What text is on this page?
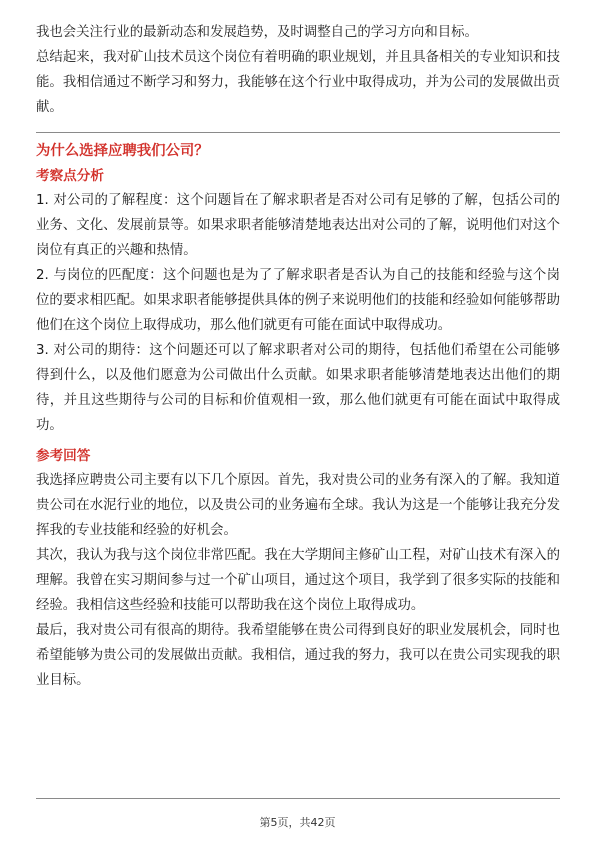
我也会关注行业的最新动态和发展趋势，及时调整自己的学习方向和目标。

总结起来，我对矿山技术员这个岗位有着明确的职业规划，并且具备相关的专业知识和技能。我相信通过不断学习和努力，我能够在这个行业中取得成功，并为公司的发展做出贡献。

为什么选择应聘我们公司？

考察点分析

1. 对公司的了解程度：这个问题旨在了解求职者是否对公司有足够的了解，包括公司的业务、文化、发展前景等。如果求职者能够清楚地表达出对公司的了解，说明他们对这个岗位有真正的兴趣和热情。

2. 与岗位的匹配度：这个问题也是为了了解求职者是否认为自己的技能和经验与这个岗位的要求相匹配。如果求职者能够提供具体的例子来说明他们的技能和经验如何能够帮助他们在这个岗位上取得成功，那么他们就更有可能在面试中取得成功。

3. 对公司的期待：这个问题还可以了解求职者对公司的期待，包括他们希望在公司能够得到什么，以及他们愿意为公司做出什么贡献。如果求职者能够清楚地表达出他们的期待，并且这些期待与公司的目标和价值观相一致，那么他们就更有可能在面试中取得成功。

参考回答

我选择应聘贵公司主要有以下几个原因。首先，我对贵公司的业务有深入的了解。我知道贵公司在水泥行业的地位，以及贵公司的业务遍布全球。我认为这是一个能够让我充分发挥我的专业技能和经验的好机会。

其次，我认为我与这个岗位非常匹配。我在大学期间主修矿山工程，对矿山技术有深入的理解。我曾在实习期间参与过一个矿山项目，通过这个项目，我学到了很多实际的技能和经验。我相信这些经验和技能可以帮助我在这个岗位上取得成功。

最后，我对贵公司有很高的期待。我希望能够在贵公司得到良好的职业发展机会，同时也希望能够为贵公司的发展做出贡献。我相信，通过我的努力，我可以在贵公司实现我的职业目标。

第5页，共42页
